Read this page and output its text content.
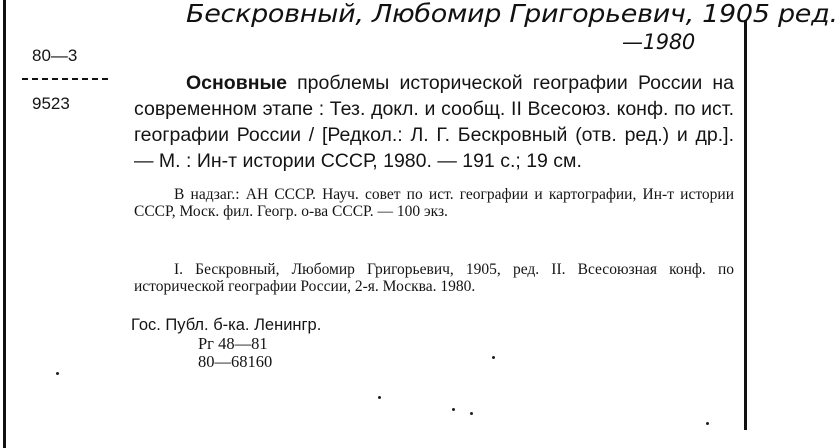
Бескровный, Любомир Григорьевич, 1905 ред.
—1980
80—3
9523

Основные проблемы исторической географии России на современном этапе : Тез. докл. и сообщ. II Всесоюз. конф. по ист. географии России / [Редкол.: Л. Г. Бескровный (отв. ред.) и др.]. — М. : Ин-т истории СССР, 1980. — 191 с.; 19 см.

В надзаг.: АН СССР. Науч. совет по ист. географии и картографии, Ин-т истории СССР, Моск. фил. Геогр. о-ва СССР. — 100 экз.

I. Бескровный, Любомир Григорьевич, 1905, ред. II. Всесоюзная конф. по исторической географии России, 2-я. Москва. 1980.

Гос. Публ. б-ка. Ленингр.
Рг 48—81
80—68160
